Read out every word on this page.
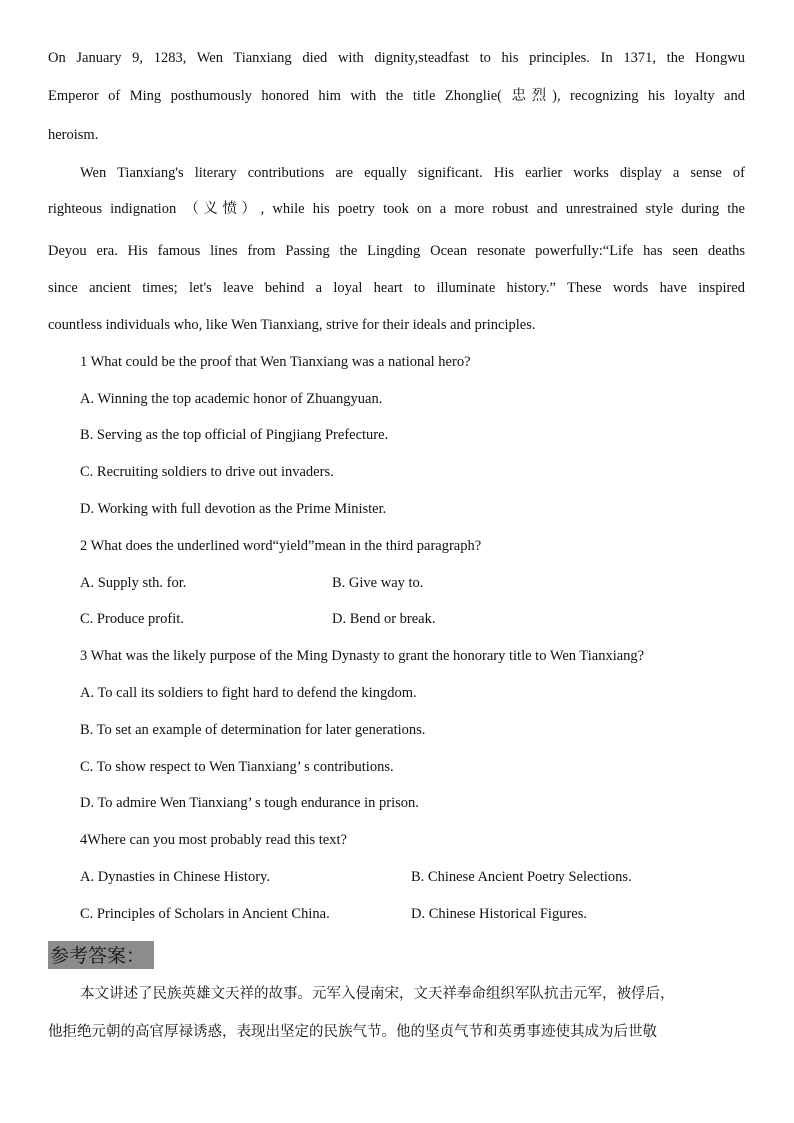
On January 9, 1283, Wen Tianxiang died with dignity,steadfast to his principles. In 1371, the Hongwu
Emperor of Ming posthumously honored him with the title Zhonglie( 忠烈), recognizing his loyalty and
heroism.
Wen Tianxiang's literary contributions are equally significant. His earlier works display a sense of
righteous indignation （义愤）, while his poetry took on a more robust and unrestrained style during the
Deyou era. His famous lines from Passing the Lingding Ocean resonate powerfully:“Life has seen deaths
since ancient times; let's leave behind a loyal heart to illuminate history.” These words have inspired
countless individuals who, like Wen Tianxiang, strive for their ideals and principles.
1 What could be the proof that Wen Tianxiang was a national hero?
A. Winning the top academic honor of Zhuangyuan.
B. Serving as the top official of Pingjiang Prefecture.
C. Recruiting soldiers to drive out invaders.
D. Working with full devotion as the Prime Minister.
2 What does the underlined word“yield”mean in the third paragraph?
A. Supply sth. for.	B. Give way to.
C. Produce profit.	D. Bend or break.
3 What was the likely purpose of the Ming Dynasty to grant the honorary title to Wen Tianxiang?
A. To call its soldiers to fight hard to defend the kingdom.
B. To set an example of determination for later generations.
C. To show respect to Wen Tianxiang’ s contributions.
D. To admire Wen Tianxiang’ s tough endurance in prison.
4Where can you most probably read this text?
A. Dynasties in Chinese History.	B. Chinese Ancient Poetry Selections.
C. Principles of Scholars in Ancient China.	D. Chinese Historical Figures.
参考答案：
本文讲述了民族英雄文天祥的故事。元军入侵南宋，文天祥奉命组织军队抗击元军，被俘后，
他拒绝元朝的高官厚禄诱惑，表现出坚定的民族气节。他的坚贞气节和英勇事迹使其成为后世敬
